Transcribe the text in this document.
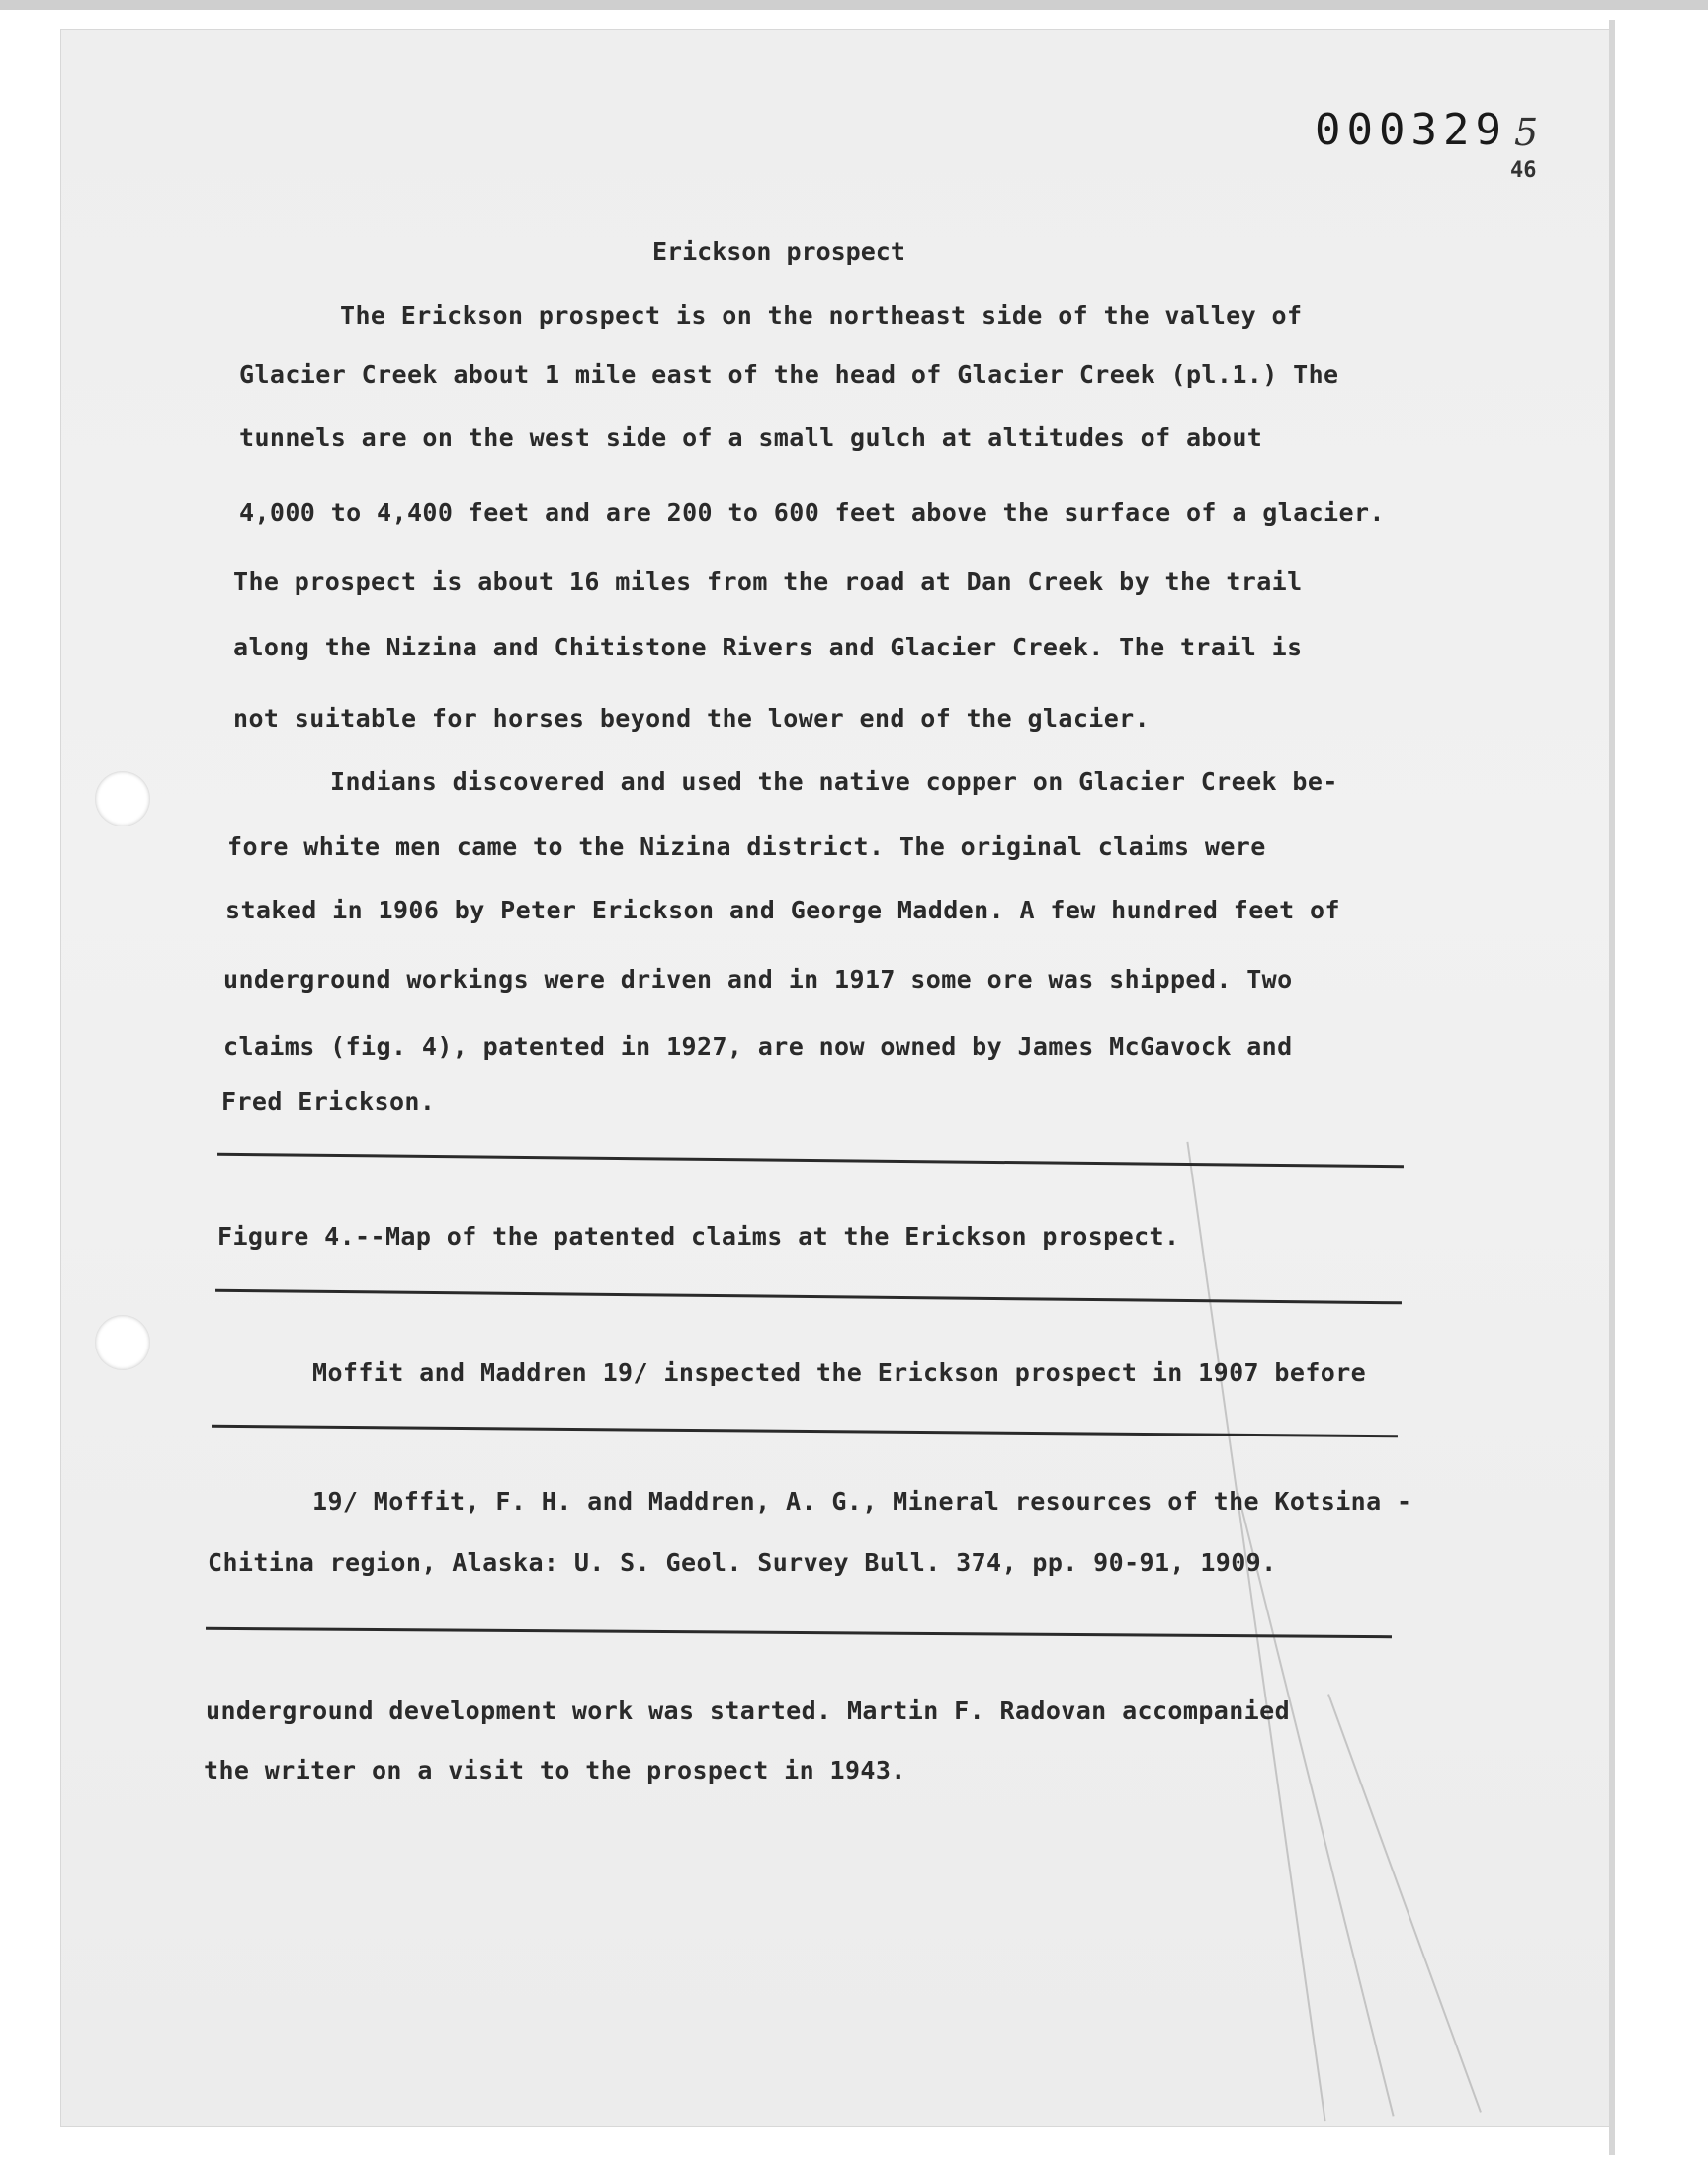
000329 5
46
Erickson prospect
The Erickson prospect is on the northeast side of the valley of
Glacier Creek about 1 mile east of the head of Glacier Creek (pl.1.) The
tunnels are on the west side of a small gulch at altitudes of about
4,000 to 4,400 feet and are 200 to 600 feet above the surface of a glacier.
The prospect is about 16 miles from the road at Dan Creek by the trail
along the Nizina and Chitistone Rivers and Glacier Creek. The trail is
not suitable for horses beyond the lower end of the glacier.
Indians discovered and used the native copper on Glacier Creek be-
fore white men came to the Nizina district. The original claims were
staked in 1906 by Peter Erickson and George Madden. A few hundred feet of
underground workings were driven and in 1917 some ore was shipped. Two
claims (fig. 4), patented in 1927, are now owned by James McGavock and
Fred Erickson.
Figure 4.--Map of the patented claims at the Erickson prospect.
Moffit and Maddren 19/ inspected the Erickson prospect in 1907 before
19/ Moffit, F. H. and Maddren, A. G., Mineral resources of the Kotsina -
Chitina region, Alaska: U. S. Geol. Survey Bull. 374, pp. 90-91, 1909.
underground development work was started. Martin F. Radovan accompanied
the writer on a visit to the prospect in 1943.
